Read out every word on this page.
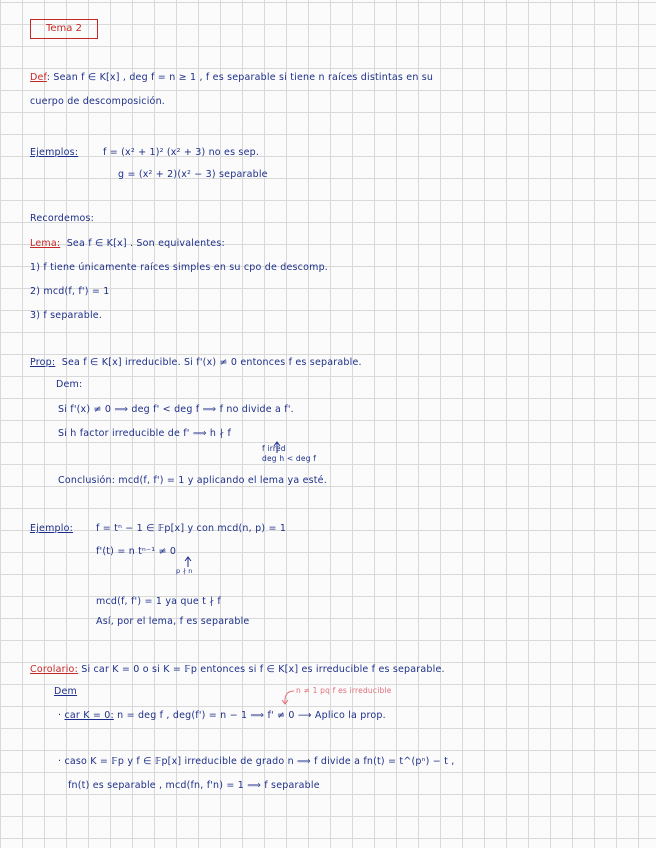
Tema 2
Def: Sean f ∈ K[x] , deg f = n ≥ 1 , f es separable si tiene n raíces distintas en su
cuerpo de descomposición.
Ejemplos:	f = (x² + 1)² (x² + 3) no es sep.
g = (x² + 2)(x² − 3) separable
Recordemos:
Lema: Sea f ∈ K[x] . Son equivalentes:
1) f tiene únicamente raíces simples en su cpo de descomp.
2) mcd(f, f') = 1
3) f separable.
Prop: Sea f ∈ K[x] irreducible. Si f'(x) ≠ 0 entonces f es separable.
Dem:
Si f'(x) ≠ 0 ⟹ deg f' < deg f ⟹ f no divide a f'.
Si h factor irreducible de f' ⟹ h ∤ f
f irred
deg h < deg f
Conclusión: mcd(f, f') = 1 y aplicando el lema ya esté.
Ejemplo: f = tⁿ − 1 ∈ 𝔽p[x] y con mcd(n, p) = 1
f'(t) = n tⁿ⁻¹ ≠ 0
p ∤ n
mcd(f, f') = 1 ya que t ∤ f
Así, por el lema, f es separable
Corolario: Si car K = 0 o si K = 𝔽p entonces si f ∈ K[x] es irreducible f es separable.
Dem	n ≠ 1 pq f es irreducible
· car K = 0: n = deg f , deg(f') = n − 1 ⟹ f' ≠ 0 ⟶ Aplico la prop.
· caso K = 𝔽p y f ∈ 𝔽p[x] irreducible de grado n ⟹ f divide a fn(t) = t^(pⁿ) − t ,
fn(t) es separable , mcd(fn, f'n) = 1 ⟹ f separable
